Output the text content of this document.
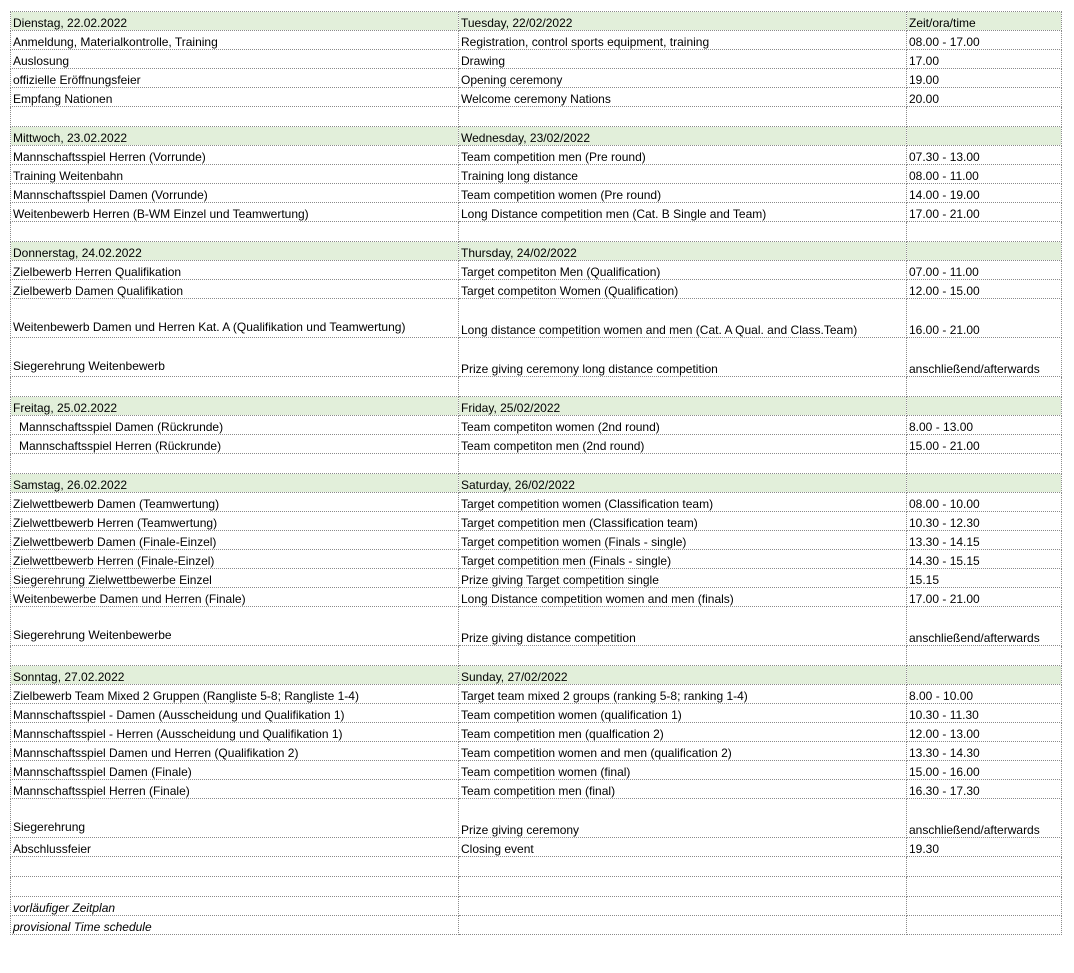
Dienstag, 22.02.2022	Tuesday, 22/02/2022	Zeit/ora/time
Anmeldung, Materialkontrolle, Training	Registration, control sports equipment, training	08.00 - 17.00
Auslosung	Drawing	17.00
offizielle Eröffnungsfeier	Opening ceremony	19.00
Empfang Nationen	Welcome ceremony Nations	20.00

Mittwoch, 23.02.2022	Wednesday, 23/02/2022	
Mannschaftsspiel Herren (Vorrunde)	Team competition men (Pre round)	07.30 - 13.00
Training Weitenbahn	Training long distance	08.00 - 11.00
Mannschaftsspiel Damen (Vorrunde)	Team competition women (Pre round)	14.00 - 19.00
Weitenbewerb Herren (B-WM Einzel und Teamwertung)	Long Distance competition men (Cat. B Single and Team)	17.00 - 21.00

Donnerstag, 24.02.2022	Thursday, 24/02/2022	
Zielbewerb Herren Qualifikation	Target competiton Men (Qualification)	07.00 - 11.00
Zielbewerb Damen Qualifikation	Target competiton Women (Qualification)	12.00 - 15.00
Weitenbewerb Damen und Herren Kat. A (Qualifikation und Teamwertung)	Long distance competition women and men (Cat. A Qual. and Class.Team)	16.00 - 21.00
Siegerehrung Weitenbewerb	Prize giving ceremony long distance competition	anschließend/afterwards

Freitag, 25.02.2022	Friday, 25/02/2022	
Mannschaftsspiel Damen (Rückrunde)	Team competiton women (2nd round)	8.00 - 13.00
Mannschaftsspiel Herren (Rückrunde)	Team competiton men (2nd round)	15.00 - 21.00

Samstag, 26.02.2022	Saturday, 26/02/2022	
Zielwettbewerb Damen (Teamwertung)	Target competition women (Classification team)	08.00 - 10.00
Zielwettbewerb Herren (Teamwertung)	Target competition men (Classification team)	10.30 - 12.30
Zielwettbewerb Damen (Finale-Einzel)	Target competition women (Finals - single)	13.30 - 14.15
Zielwettbewerb Herren (Finale-Einzel)	Target competition men (Finals - single)	14.30 - 15.15
Siegerehrung Zielwettbewerbe Einzel	Prize giving Target competition single	15.15
Weitenbewerbe Damen und Herren (Finale)	Long Distance competition women and men (finals)	17.00 - 21.00
Siegerehrung Weitenbewerbe	Prize giving distance competition	anschließend/afterwards

Sonntag, 27.02.2022	Sunday, 27/02/2022	
Zielbewerb Team Mixed 2 Gruppen (Rangliste 5-8; Rangliste 1-4)	Target team mixed 2 groups (ranking 5-8; ranking 1-4)	8.00 - 10.00
Mannschaftsspiel - Damen (Ausscheidung und Qualifikation 1)	Team competition women (qualification 1)	10.30 - 11.30
Mannschaftsspiel - Herren (Ausscheidung und Qualifikation 1)	Team competition men (qualfication 2)	12.00 - 13.00
Mannschaftsspiel Damen und Herren (Qualifikation 2)	Team competition women and men (qualification 2)	13.30 - 14.30
Mannschaftsspiel Damen (Finale)	Team competition women (final)	15.00 - 16.00
Mannschaftsspiel Herren (Finale)	Team competition men (final)	16.30 - 17.30
Siegerehrung	Prize giving ceremony	anschließend/afterwards
Abschlussfeier	Closing event	19.30

vorläufiger Zeitplan		
provisional Time schedule		
